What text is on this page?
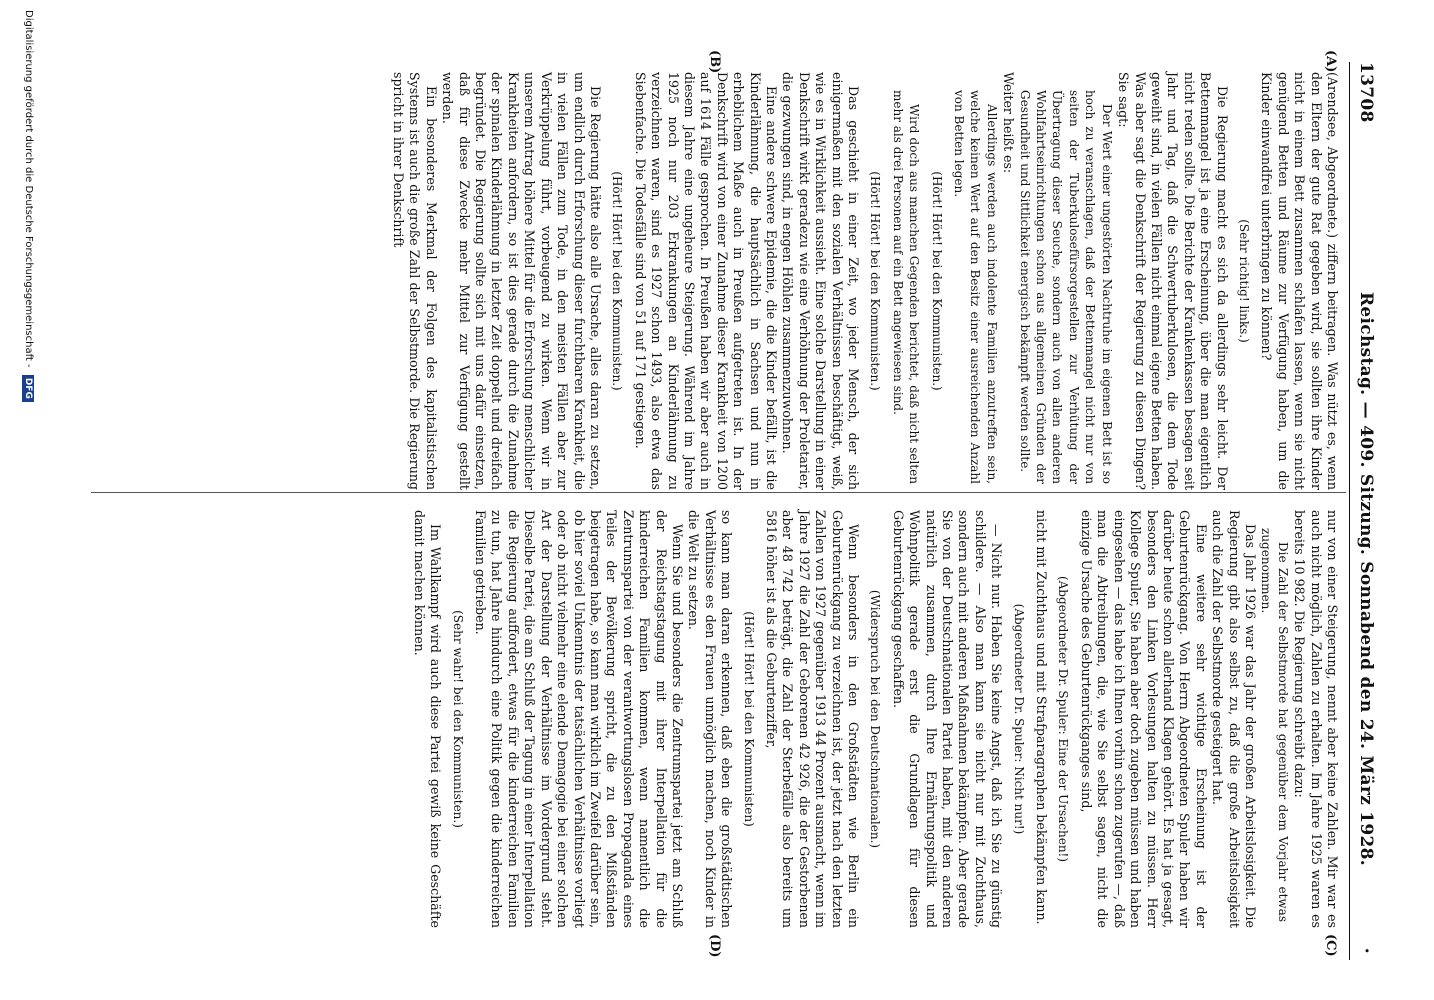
13708
Reichstag. — 409. Sitzung. Sonnabend den 24. März 1928.
·
(A)
(B)
(C)
(D)

(Arendsee, Abgeordnete.) ziffern beitragen. Was nützt es, wenn den Eltern der gute Rat gegeben wird, sie sollten ihre Kinder nicht in einem Bett zusammen schlafen lassen, wenn sie nicht genügend Betten und Räume zur Verfügung haben, um die Kinder einwandfrei unterbringen zu können?

(Sehr richtig! links.)

Die Regierung macht es sich da allerdings sehr leicht. Der Bettenmangel ist ja eine Erscheinung, über die man eigentlich nicht reden sollte. Die Berichte der Krankenkassen besagen seit Jahr und Tag, daß die Schwertuberkulosen, die dem Tode geweiht sind, in vielen Fällen nicht einmal eigene Betten haben. Was aber sagt die Denkschrift der Regierung zu diesen Dingen? Sie sagt:

Der Wert einer ungestörten Nachtruhe im eigenen Bett ist so hoch zu veranschlagen, daß der Bettenmangel nicht nur von seiten der Tuberkulosefürsorgestellen zur Verhütung der Übertragung dieser Seuche, sondern auch von allen anderen Wohlfahrtseinrichtungen schon aus allgemeinen Gründen der Gesundheit und Sittlichkeit energisch bekämpft werden sollte.

Weiter heißt es:

Allerdings werden auch indolente Familien anzutreffen sein, welche keinen Wert auf den Besitz einer ausreichenden Anzahl von Betten legen.

(Hört! Hört! bei den Kommunisten.)

Wird doch aus manchen Gegenden berichtet, daß nicht selten mehr als drei Personen auf ein Bett angewiesen sind.

(Hört! Hört! bei den Kommunisten.)

Das geschieht in einer Zeit, wo jeder Mensch, der sich einigermaßen mit den sozialen Verhältnissen beschäftigt, weiß, wie es in Wirklichkeit aussieht. Eine solche Darstellung in einer Denkschrift wirkt geradezu wie eine Verhöhnung der Proletarier, die gezwungen sind, in engen Höhlen zusammenzuwohnen.

Eine andere schwere Epidemie, die die Kinder befällt, ist die Kinderlähmung, die hauptsächlich in Sachsen und nun in erheblichem Maße auch in Preußen aufgetreten ist. In der Denkschrift wird von einer Zunahme dieser Krankheit von 1200 auf 1614 Fälle gesprochen. In Preußen haben wir aber auch in diesem Jahre eine ungeheure Steigerung. Während im Jahre 1925 noch nur 203 Erkrankungen an Kinderlähmung zu verzeichnen waren, sind es 1927 schon 1493, also etwa das Siebenfache. Die Todesfälle sind von 51 auf 171 gestiegen.

(Hört! Hört! bei den Kommunisten.)

Die Regierung hätte also alle Ursache, alles daran zu setzen, um endlich durch Erforschung dieser furchtbaren Krankheit, die in vielen Fällen zum Tode, in den meisten Fällen aber zur Verkrüppelung führt, vorbeugend zu wirken. Wenn wir in unserem Antrag höhere Mittel für die Erforschung menschlicher Krankheiten anfordern, so ist dies gerade durch die Zunahme der spinalen Kinderlähmung in letzter Zeit doppelt und dreifach begründet. Die Regierung sollte sich mit uns dafür einsetzen, daß für diese Zwecke mehr Mittel zur Verfügung gestellt werden.

Ein besonderes Merkmal der Folgen des kapitalistischen Systems ist auch die große Zahl der Selbstmorde. Die Regierung spricht in ihrer Denkschrift

nur von einer Steigerung, nennt aber keine Zahlen. Mir war es auch nicht möglich, Zahlen zu erhalten. Im Jahre 1925 waren es bereits 10 982. Die Regierung schreibt dazu:

Die Zahl der Selbstmorde hat gegenüber dem Vorjahr etwas zugenommen.

Das Jahr 1926 war das Jahr der großen Arbeitslosigkeit. Die Regierung gibt also selbst zu, daß die große Arbeitslosigkeit auch die Zahl der Selbstmorde gesteigert hat.

Eine weitere sehr wichtige Erscheinung ist der Geburtenrückgang. Von Herrn Abgeordneten Spuler haben wir darüber heute schon allerhand Klagen gehört. Es hat ja gesagt, besonders den Linken Vorlesungen halten zu müssen. Herr Kollege Spuler, Sie haben aber doch zugeben müssen und haben eingesehen — das habe ich Ihnen vorhin schon zugerufen —, daß man die Abtreibungen, die, wie Sie selbst sagen, nicht die einzige Ursache des Geburtenrückganges sind,

(Abgeordneter Dr. Spuler: Eine der Ursachen!)

nicht mit Zuchthaus und mit Strafparagraphen bekämpfen kann.

(Abgeordneter Dr. Spuler: Nicht nur!)

— Nicht nur. Haben Sie keine Angst, daß ich Sie zu günstig schildere. — Also man kann sie nicht nur mit Zuchthaus, sondern auch mit anderen Maßnahmen bekämpfen. Aber gerade Sie von der Deutschnationalen Partei haben, mit den anderen natürlich zusammen, durch Ihre Ernährungspolitik und Wohnpolitik gerade erst die Grundlagen für diesen Geburtenrückgang geschaffen.

(Widerspruch bei den Deutschnationalen.)

Wenn besonders in den Großstädten wie Berlin ein Geburtenrückgang zu verzeichnen ist, der jetzt nach den letzten Zahlen von 1927 gegenüber 1913 44 Prozent ausmacht, wenn im Jahre 1927 die Zahl der Geborenen 42 926, die der Gestorbenen aber 48 742 beträgt, die Zahl der Sterbefälle also bereits um 5816 höher ist als die Geburtenziffer,

(Hört! Hört! bei den Kommunisten)

so kann man daran erkennen, daß eben die großstädtischen Verhältnisse es den Frauen unmöglich machen, noch Kinder in die Welt zu setzen.

Wenn Sie und besonders die Zentrumspartei jetzt am Schluß der Reichstagstagung mit ihrer Interpellation für die kinderreichen Familien kommen, wenn namentlich die Zentrumspartei von der verantwortungslosen Propaganda eines Teiles der Bevölkerung spricht, die zu den Mißständen beigetragen habe, so kann man wirklich im Zweifel darüber sein, ob hier soviel Unkenntnis der tatsächlichen Verhältnisse vorliegt oder ob nicht vielmehr eine elende Demagogie bei einer solchen Art der Darstellung der Verhältnisse im Vordergrund steht. Dieselbe Partei, die am Schluß der Tagung in einer Interpellation die Regierung auffordert, etwas für die kinderreichen Familien zu tun, hat Jahre hindurch eine Politik gegen die kinderreichen Familien getrieben.

(Sehr wahr! bei den Kommunisten.)

Im Wahlkampf wird auch diese Partei gewiß keine Geschäfte damit machen können.

Digitalisierung gefördert durch die Deutsche Forschungsgemeinschaft - DFG
